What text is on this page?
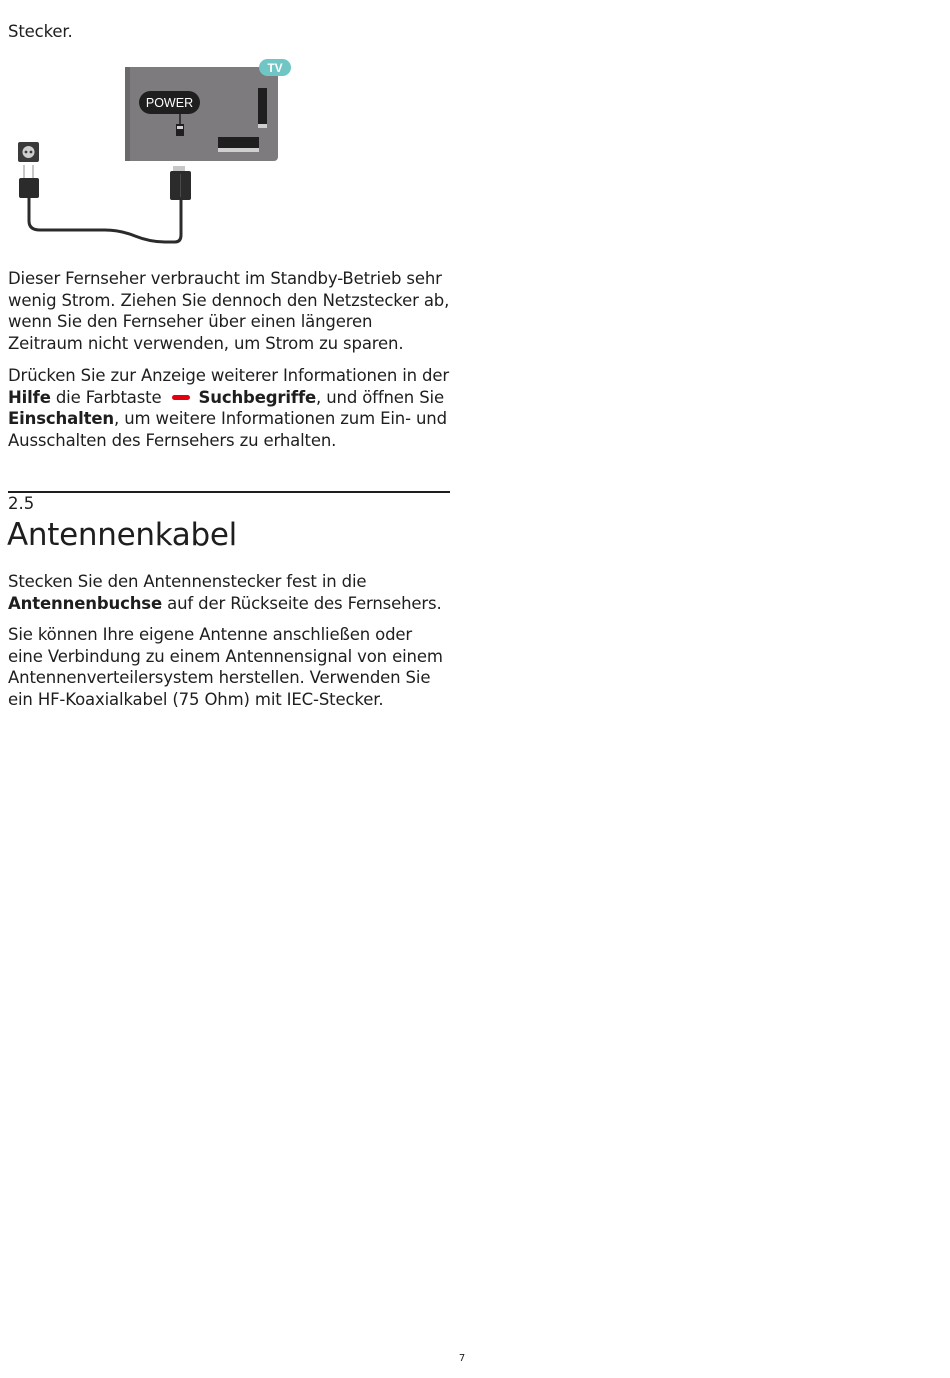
Stecker.

TV
POWER

Dieser Fernseher verbraucht im Standby-Betrieb sehr wenig Strom. Ziehen Sie dennoch den Netzstecker ab, wenn Sie den Fernseher über einen längeren Zeitraum nicht verwenden, um Strom zu sparen.

Drücken Sie zur Anzeige weiterer Informationen in der Hilfe die Farbtaste Suchbegriffe, und öffnen Sie Einschalten, um weitere Informationen zum Ein- und Ausschalten des Fernsehers zu erhalten.

2.5

Antennenkabel

Stecken Sie den Antennenstecker fest in die Antennenbuchse auf der Rückseite des Fernsehers.

Sie können Ihre eigene Antenne anschließen oder eine Verbindung zu einem Antennensignal von einem Antennenverteilersystem herstellen. Verwenden Sie ein HF-Koaxialkabel (75 Ohm) mit IEC-Stecker.

7
